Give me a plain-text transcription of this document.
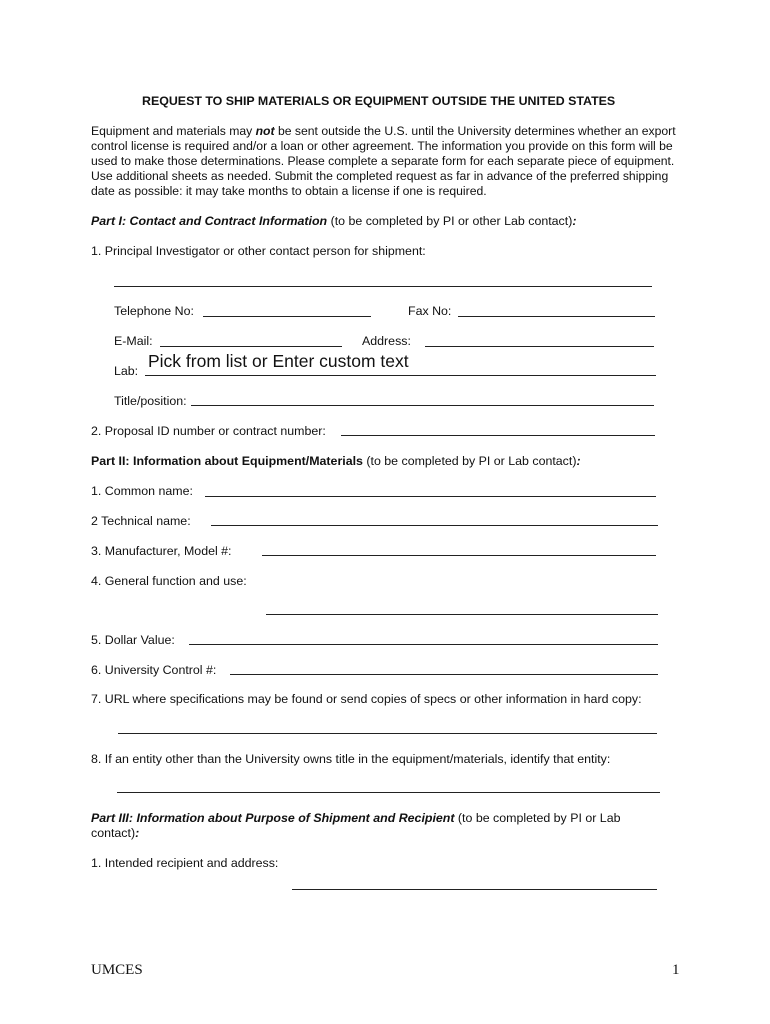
REQUEST TO SHIP MATERIALS OR EQUIPMENT OUTSIDE THE UNITED STATES
Equipment and materials may not be sent outside the U.S. until the University determines whether an export control license is required and/or a loan or other agreement. The information you provide on this form will be used to make those determinations. Please complete a separate form for each separate piece of equipment. Use additional sheets as needed. Submit the completed request as far in advance of the preferred shipping date as possible: it may take months to obtain a license if one is required.
Part I: Contact and Contract Information (to be completed by PI or other Lab contact):
1. Principal Investigator or other contact person for shipment:
Telephone No:	Fax No:
E-Mail:	Address:
Lab: Pick from list or Enter custom text
Title/position:
2. Proposal ID number or contract number:
Part II: Information about Equipment/Materials (to be completed by PI or Lab contact):
1. Common name:
2 Technical name:
3. Manufacturer, Model #:
4. General function and use:
5. Dollar Value:
6. University Control #:
7. URL where specifications may be found or send copies of specs or other information in hard copy:
8. If an entity other than the University owns title in the equipment/materials, identify that entity:
Part III: Information about Purpose of Shipment and Recipient (to be completed by PI or Lab
contact):
1. Intended recipient and address:
UMCES	1
